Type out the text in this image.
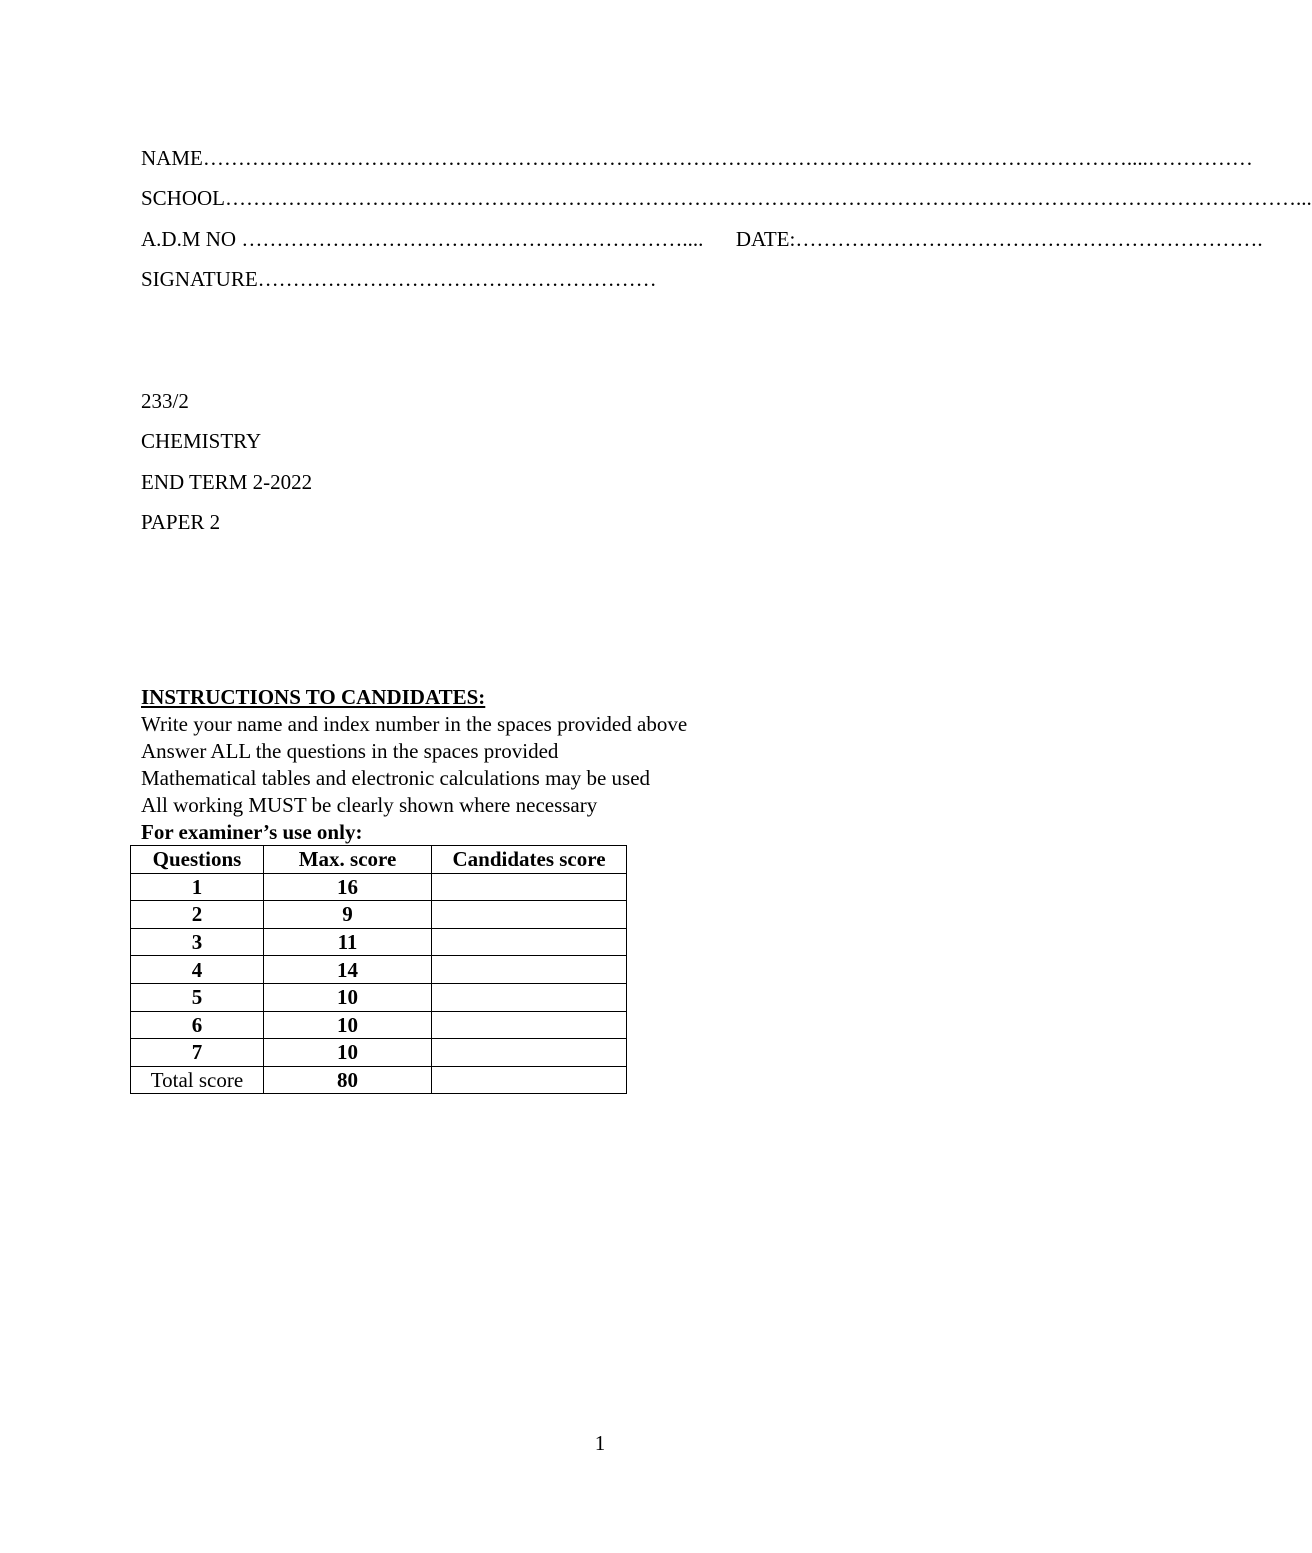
NAME……………………………………………………………………………………………………………………....……………
SCHOOL………………………………………………………………………………………………………………………………………...
A.D.M NO ……………………………………………………….... DATE:………………………………………………………….
SIGNATURE…………………………………………………
233/2
CHEMISTRY
END TERM 2-2022
PAPER 2
INSTRUCTIONS TO CANDIDATES:
Write your name and index number in the spaces provided above
Answer ALL the questions in the spaces provided
Mathematical tables and electronic calculations may be used
All working MUST be clearly shown where necessary
For examiner’s use only:
Questions	Max. score	Candidates score
1	16	
2	9	
3	11	
4	14	
5	10	
6	10	
7	10	
Total score	80	
1
